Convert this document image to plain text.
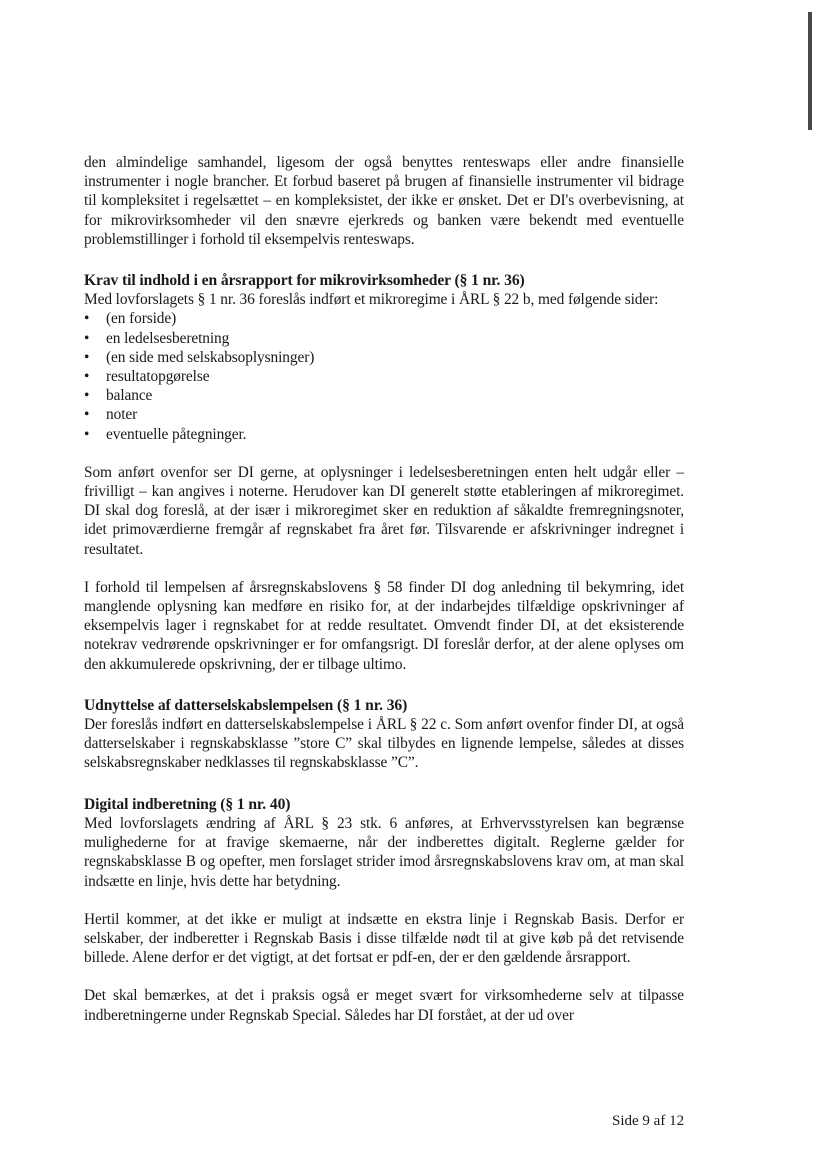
den almindelige samhandel, ligesom der også benyttes renteswaps eller andre finansielle instrumenter i nogle brancher. Et forbud baseret på brugen af finansielle instrumenter vil bidrage til kompleksitet i regelsættet – en kompleksistet, der ikke er ønsket. Det er DI's overbevisning, at for mikrovirksomheder vil den snævre ejerkreds og banken være bekendt med eventuelle problemstillinger i forhold til eksempelvis renteswaps.

Krav til indhold i en årsrapport for mikrovirksomheder (§ 1 nr. 36)

Med lovforslagets § 1 nr. 36 foreslås indført et mikroregime i ÅRL § 22 b, med følgende sider:

• (en forside)
• en ledelsesberetning
• (en side med selskabsoplysninger)
• resultatopgørelse
• balance
• noter
• eventuelle påtegninger.

Som anført ovenfor ser DI gerne, at oplysninger i ledelsesberetningen enten helt udgår eller – frivilligt – kan angives i noterne. Herudover kan DI generelt støtte etableringen af mikroregimet. DI skal dog foreslå, at der især i mikroregimet sker en reduktion af såkaldte fremregningsnoter, idet primoværdierne fremgår af regnskabet fra året før. Tilsvarende er afskrivninger indregnet i resultatet.

I forhold til lempelsen af årsregnskabslovens § 58 finder DI dog anledning til bekymring, idet manglende oplysning kan medføre en risiko for, at der indarbejdes tilfældige opskrivninger af eksempelvis lager i regnskabet for at redde resultatet. Omvendt finder DI, at det eksisterende notekrav vedrørende opskrivninger er for omfangsrigt. DI foreslår derfor, at der alene oplyses om den akkumulerede opskrivning, der er tilbage ultimo.

Udnyttelse af datterselskabslempelsen (§ 1 nr. 36)

Der foreslås indført en datterselskabslempelse i ÅRL § 22 c. Som anført ovenfor finder DI, at også datterselskaber i regnskabsklasse ”store C” skal tilbydes en lignende lempelse, således at disses selskabsregnskaber nedklasses til regnskabsklasse ”C”.

Digital indberetning (§ 1 nr. 40)

Med lovforslagets ændring af ÅRL § 23 stk. 6 anføres, at Erhvervsstyrelsen kan begrænse mulighederne for at fravige skemaerne, når der indberettes digitalt. Reglerne gælder for regnskabsklasse B og opefter, men forslaget strider imod årsregnskabslovens krav om, at man skal indsætte en linje, hvis dette har betydning.

Hertil kommer, at det ikke er muligt at indsætte en ekstra linje i Regnskab Basis. Derfor er selskaber, der indberetter i Regnskab Basis i disse tilfælde nødt til at give køb på det retvisende billede. Alene derfor er det vigtigt, at det fortsat er pdf-en, der er den gældende årsrapport.

Det skal bemærkes, at det i praksis også er meget svært for virksomhederne selv at tilpasse indberetningerne under Regnskab Special. Således har DI forstået, at der ud over

Side 9 af 12
